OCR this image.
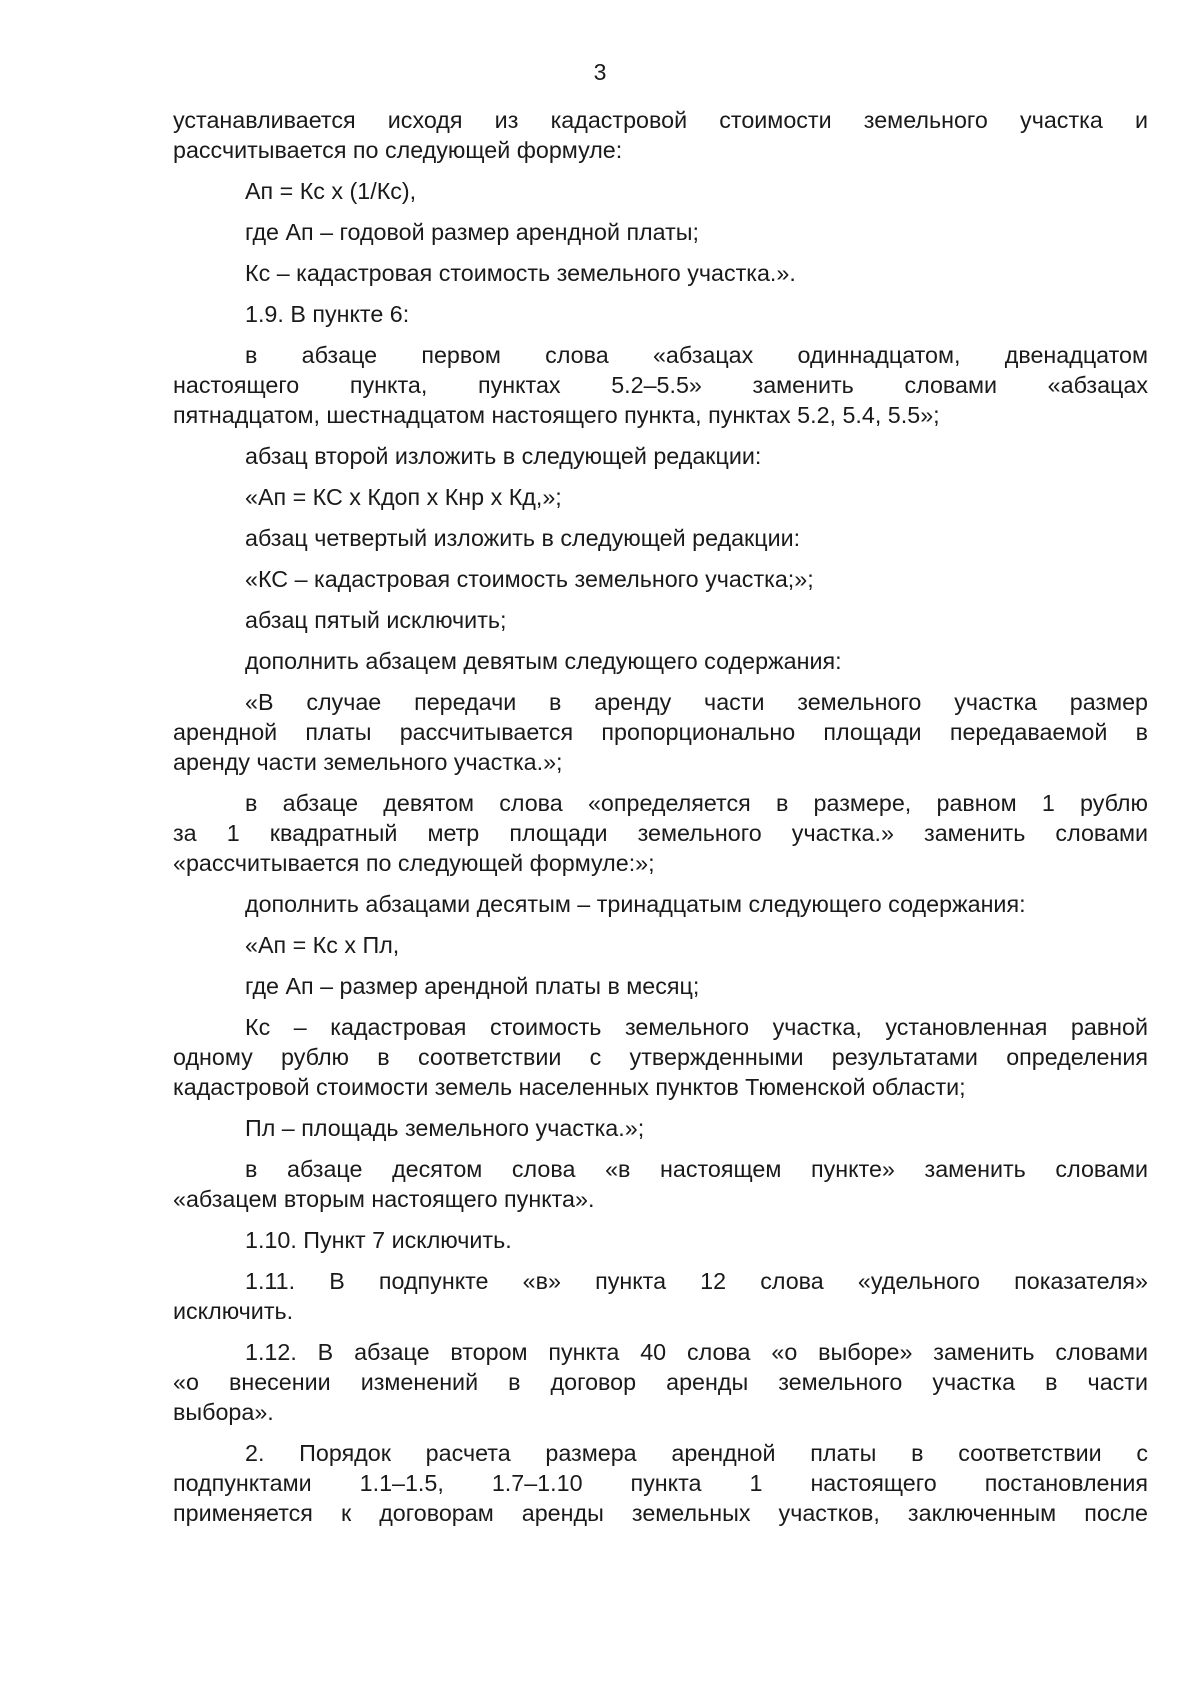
3

устанавливается исходя из кадастровой стоимости земельного участка и
рассчитывается по следующей формуле:

Ап = Кс х (1/Кс),

где Ап – годовой размер арендной платы;

Кс – кадастровая стоимость земельного участка.».

1.9. В пункте 6:

в абзаце первом слова «абзацах одиннадцатом, двенадцатом
настоящего пункта, пунктах 5.2–5.5» заменить словами «абзацах
пятнадцатом, шестнадцатом настоящего пункта, пунктах 5.2, 5.4, 5.5»;

абзац второй изложить в следующей редакции:

«Ап = КС х Кдоп х Кнр х Кд,»;

абзац четвертый изложить в следующей редакции:

«КС – кадастровая стоимость земельного участка;»;

абзац пятый исключить;

дополнить абзацем девятым следующего содержания:

«В случае передачи в аренду части земельного участка размер
арендной платы рассчитывается пропорционально площади передаваемой в
аренду части земельного участка.»;

в абзаце девятом слова «определяется в размере, равном 1 рублю
за 1 квадратный метр площади земельного участка.» заменить словами
«рассчитывается по следующей формуле:»;

дополнить абзацами десятым – тринадцатым следующего содержания:

«Ап = Кс х Пл,

где Ап – размер арендной платы в месяц;

Кс – кадастровая стоимость земельного участка, установленная равной
одному рублю в соответствии с утвержденными результатами определения
кадастровой стоимости земель населенных пунктов Тюменской области;

Пл – площадь земельного участка.»;

в абзаце десятом слова «в настоящем пункте» заменить словами
«абзацем вторым настоящего пункта».

1.10. Пункт 7 исключить.

1.11. В подпункте «в» пункта 12 слова «удельного показателя»
исключить.

1.12. В абзаце втором пункта 40 слова «о выборе» заменить словами
«о внесении изменений в договор аренды земельного участка в части
выбора».

2. Порядок расчета размера арендной платы в соответствии с
подпунктами 1.1–1.5, 1.7–1.10 пункта 1 настоящего постановления
применяется к договорам аренды земельных участков, заключенным после
